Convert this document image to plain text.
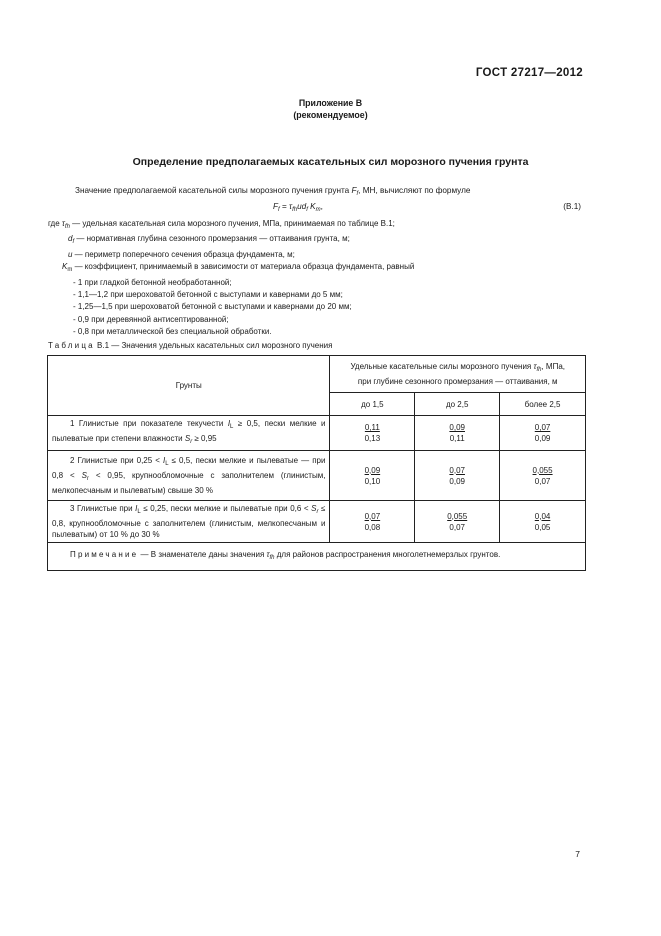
ГОСТ 27217—2012
Приложение В
(рекомендуемое)
Определение предполагаемых касательных сил морозного пучения грунта
Значение предполагаемой касательной силы морозного пучения грунта $F_f$, МН, вычисляют по формуле
$F_f = \tau_{fh}ud_f$ $K_m$,	(В.1)
где $\tau_{fh}$ — удельная касательная сила морозного пучения, МПа, принимаемая по таблице В.1;
$d_f$ — нормативная глубина сезонного промерзания — оттаивания грунта, м;
u — периметр поперечного сечения образца фундамента, м;
$K_m$ — коэффициент, принимаемый в зависимости от материала образца фундамента, равный
- 1 при гладкой бетонной необработанной;
- 1,1—1,2 при шероховатой бетонной с выступами и кавернами до 5 мм;
- 1,25—1,5 при шероховатой бетонной с выступами и кавернами до 20 мм;
- 0,9 при деревянной антисептированной;
- 0,8 при металлической без специальной обработки.
Таблица В.1 — Значения удельных касательных сил морозного пучения
Грунты	Удельные касательные силы морозного пучения $\tau_{fh}$, МПа,
при глубине сезонного промерзания — оттаивания, м		
	до 1,5	до 2,5	более 2,5
1 Глинистые при показателе текучести $I_L \ge 0,5$, пески мелкие и пылеватые при степени влажности $S_r \ge 0,95$	$\frac{0,11}{0,13}$	$\frac{0,09}{0,11}$	$\frac{0,07}{0,09}$

2 Глинистые при $0,25 < I_L \le 0,5$, пески мелкие и пылеватые — при $0,8 < S_r < 0,95$, крупнообломочные с заполнителем (глинистым, мелкопесчаным и пылеватым) свыше 30 %	$\frac{0,09}{0,10}$	$\frac{0,07}{0,09}$	$\frac{0,055}{0,07}$

3 Глинистые при $I_L \le 0,25$, пески мелкие и пылеватые при $0,6 < S_r \le 0,8$, крупнообломочные с заполнителем (глинистым, мелкопесчаным и пылеватым) от 10 % до 30 %	$\frac{0,07}{0,08}$	$\frac{0,055}{0,07}$	$\frac{0,04}{0,05}$

Примечание — В знаменателе даны значения $\tau_{fh}$ для районов распространения многолетнемерзлых грунтов.			
7
